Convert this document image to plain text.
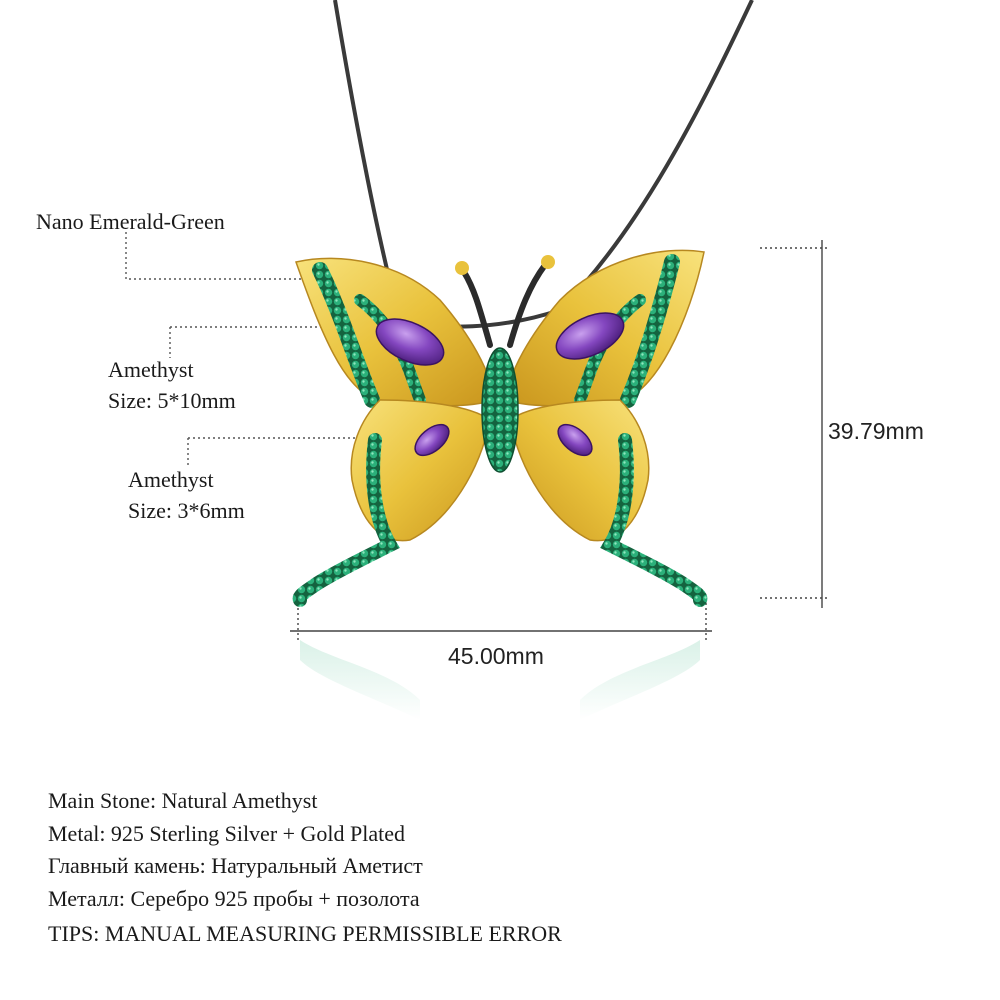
Nano Emerald-Green
Amethyst
Size: 5*10mm
Amethyst
Size: 3*6mm
39.79mm
45.00mm
Main Stone: Natural Amethyst
Metal: 925 Sterling Silver + Gold Plated
Главный камень: Натуральный Аметист
Металл: Серебро 925 пробы + позолота
TIPS: MANUAL MEASURING PERMISSIBLE ERROR
